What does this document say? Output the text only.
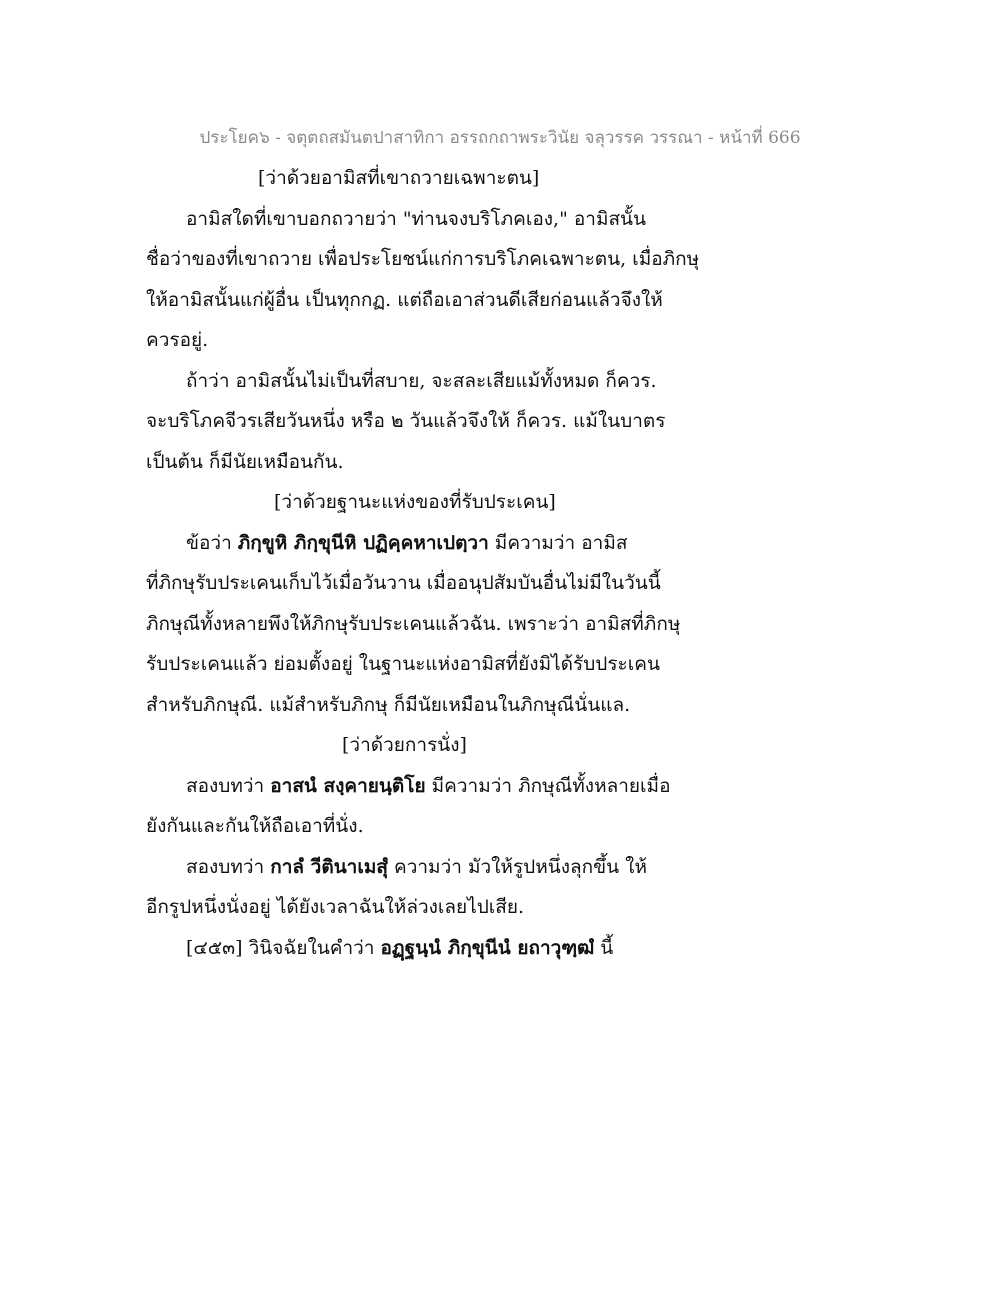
ประโยค๖ - จตุตถสมันตปาสาทิกา อรรถกถาพระวินัย จลุวรรค วรรณา - หน้าที่ 666
[ว่าด้วยอามิสที่เขาถวายเฉพาะตน]
อามิสใดที่เขาบอกถวายว่า "ท่านจงบริโภคเอง," อามิสนั้น
ชื่อว่าของที่เขาถวาย เพื่อประโยชน์แก่การบริโภคเฉพาะตน, เมื่อภิกษุ
ให้อามิสนั้นแก่ผู้อื่น เป็นทุกกฏ. แต่ถือเอาส่วนดีเสียก่อนแล้วจึงให้
ควรอยู่.
ถ้าว่า อามิสนั้นไม่เป็นที่สบาย, จะสละเสียแม้ทั้งหมด ก็ควร.
จะบริโภคจีวรเสียวันหนึ่ง หรือ ๒ วันแล้วจึงให้ ก็ควร. แม้ในบาตร
เป็นต้น ก็มีนัยเหมือนกัน.
[ว่าด้วยฐานะแห่งของที่รับประเคน]
ข้อว่า ภิกฺขูหิ ภิกฺขุนีหิ ปฏิคฺคหาเปตฺวา มีความว่า อามิส
ที่ภิกษุรับประเคนเก็บไว้เมื่อวันวาน เมื่ออนุปสัมบันอื่นไม่มีในวันนี้
ภิกษุณีทั้งหลายพึงให้ภิกษุรับประเคนแล้วฉัน. เพราะว่า อามิสที่ภิกษุ
รับประเคนแล้ว ย่อมตั้งอยู่ ในฐานะแห่งอามิสที่ยังมิได้รับประเคน
สำหรับภิกษุณี. แม้สำหรับภิกษุ ก็มีนัยเหมือนในภิกษุณีนั่นแล.
[ว่าด้วยการนั่ง]
สองบทว่า อาสนํ สงฺคายนฺติโย มีความว่า ภิกษุณีทั้งหลายเมื่อ
ยังกันและกันให้ถือเอาที่นั่ง.
สองบทว่า กาลํ วีตินาเมสุํ ความว่า มัวให้รูปหนึ่งลุกขึ้น ให้
อีกรูปหนึ่งนั่งอยู่ ได้ยังเวลาฉันให้ล่วงเลยไปเสีย.
[๔๕๓] วินิจฉัยในคำว่า อฏฺฐนฺนํ ภิกฺขุนีนํ ยถาวุฑฺฒํ นี้
